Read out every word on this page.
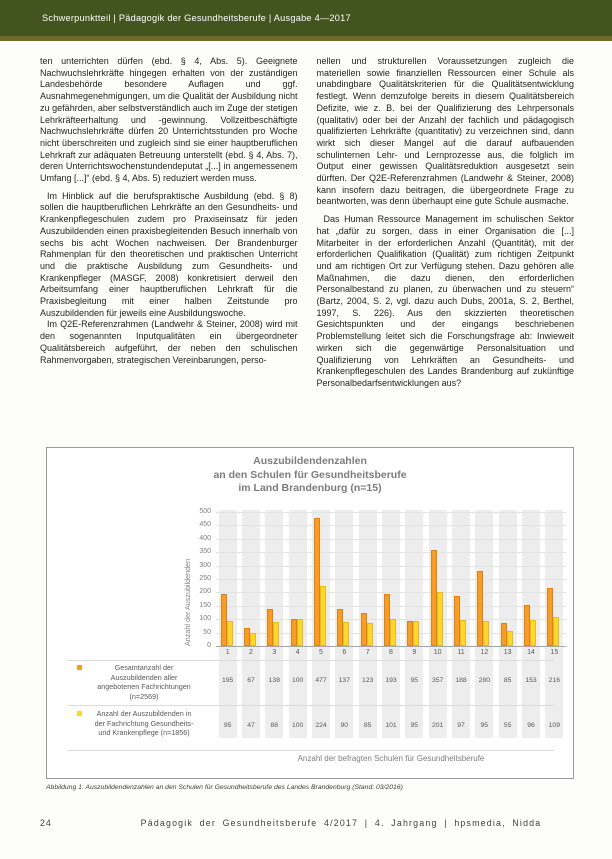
Schwerpunktteil | Pädagogik der Gesundheitsberufe | Ausgabe 4—2017

ten unterrichten dürfen (ebd. § 4, Abs. 5). Geeignete Nachwuchslehrkräfte hingegen erhalten von der zuständigen Landesbehörde besondere Auflagen und ggf. Ausnahmegenehmigungen, um die Qualität der Ausbildung nicht zu gefährden, aber selbstverständlich auch im Zuge der stetigen Lehrkräfteerhaltung und -gewinnung. Vollzeitbeschäftigte Nachwuchslehrkräfte dürfen 20 Unterrichtsstunden pro Woche nicht überschreiten und zugleich sind sie einer hauptberuflichen Lehrkraft zur adäquaten Betreuung unterstellt (ebd. § 4, Abs. 7), deren Unterrichtswochenstundendeputat „[...] in angemessenem Umfang [...]“ (ebd. § 4, Abs. 5) reduziert werden muss.

Im Hinblick auf die berufspraktische Ausbildung (ebd. § 8) sollen die hauptberuflichen Lehrkräfte an den Gesundheits- und Krankenpflegeschulen zudem pro Praxiseinsatz für jeden Auszubildenden einen praxisbegleitenden Besuch innerhalb von sechs bis acht Wochen nachweisen. Der Brandenburger Rahmenplan für den theoretischen und praktischen Unterricht und die praktische Ausbildung zum Gesundheits- und Krankenpfleger (MASGF, 2008) konkretisiert derweil den Arbeitsumfang einer hauptberuflichen Lehrkraft für die Praxisbegleitung mit einer halben Zeitstunde pro Auszubildenden für jeweils eine Ausbildungswoche.

Im Q2E-Referenzrahmen (Landwehr & Steiner, 2008) wird mit den sogenannten Inputqualitäten ein übergeordneter Qualitätsbereich aufgeführt, der neben den schulischen Rahmenvorgaben, strategischen Vereinbarungen, perso-

nellen und strukturellen Voraussetzungen zugleich die materiellen sowie finanziellen Ressourcen einer Schule als unabdingbare Qualitätskriterien für die Qualitätsentwicklung festlegt. Wenn demzufolge bereits in diesem Qualitätsbereich Defizite, wie z. B. bei der Qualifizierung des Lehrpersonals (qualitativ) oder bei der Anzahl der fachlich und pädagogisch qualifizierten Lehrkräfte (quantitativ) zu verzeichnen sind, dann wirkt sich dieser Mangel auf die darauf aufbauenden schulinternen Lehr- und Lernprozesse aus, die folglich im Output einer gewissen Qualitätsreduktion ausgesetzt sein dürften. Der Q2E-Referenzrahmen (Landwehr & Steiner, 2008) kann insofern dazu beitragen, die übergeordnete Frage zu beantworten, was denn überhaupt eine gute Schule ausmache.

Das Human Ressource Management im schulischen Sektor hat „dafür zu sorgen, dass in einer Organisation die [...] Mitarbeiter in der erforderlichen Anzahl (Quantität), mit der erforderlichen Qualifikation (Qualität) zum richtigen Zeitpunkt und am richtigen Ort zur Verfügung stehen. Dazu gehören alle Maßnahmen, die dazu dienen, den erforderlichen Personalbestand zu planen, zu überwachen und zu steuern“ (Bartz, 2004, S. 2, vgl. dazu auch Dubs, 2001a, S. 2, Berthel, 1997, S. 226). Aus den skizzierten theoretischen Gesichtspunkten und der eingangs beschriebenen Problemstellung leitet sich die Forschungsfrage ab: Inwieweit wirken sich die gegenwärtige Personalsituation und Qualifizierung von Lehrkräften an Gesundheits- und Krankenpflegeschulen des Landes Brandenburg auf zukünftige Personalbedarfsentwicklungen aus?

Auszubildendenzahlen
an den Schulen für Gesundheitsberufe
im Land Brandenburg (n=15)
Anzahl der Auszubildenden	0
50
100
150
200
250
300
350
400
450
500
1	2	3	4	5	6	7	8	9	10	11	12	13	14	15
Gesamtanzahl der
Auszubildenden aller
angebotenen Fachrichtungen
(n=2569)
195	67	138	100	477	137	123	193	95	357	188	280	85	153	216
Anzahl der Auszubildenden in
der Fachrichtung Gesundheits-
und Krankenpflege (n=1856)
95	47	88	100	224	90	85	101	95	201	97	95	55	96	109
Anzahl der befragten Schulen für Gesundheitsberufe
Abbildung 1: Auszubildendenzahlen an den Schulen für Gesundheitsberufe des Landes Brandenburg (Stand: 03/2016)
24	Pädagogik der Gesundheitsberufe 4/2017 | 4. Jahrgang | hpsmedia, Nidda
